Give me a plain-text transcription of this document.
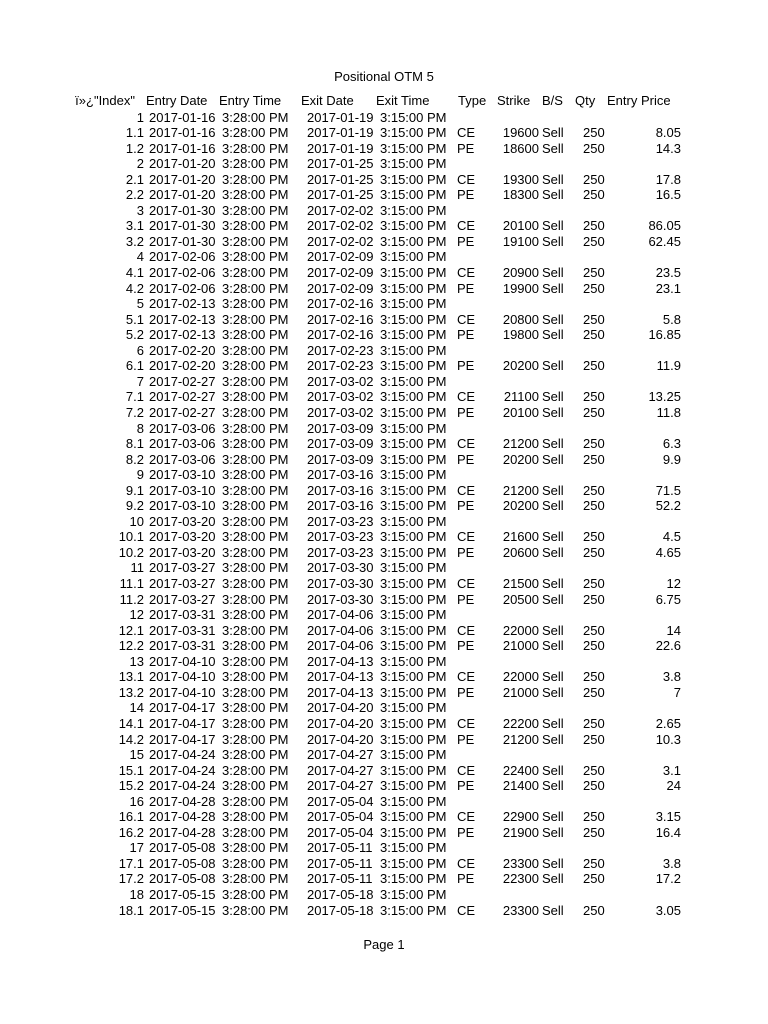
Positional OTM 5
ï»¿"Index" Entry Date Entry Time Exit Date Exit Time Type Strike B/S Qty Entry Price
1 2017-01-16 3:28:00 PM 2017-01-19 3:15:00 PM
1.1 2017-01-16 3:28:00 PM 2017-01-19 3:15:00 PM CE	19600 Sell 250	8.05
1.2 2017-01-16 3:28:00 PM 2017-01-19 3:15:00 PM PE	18600 Sell 250	14.3
2 2017-01-20 3:28:00 PM 2017-01-25 3:15:00 PM
2.1 2017-01-20 3:28:00 PM 2017-01-25 3:15:00 PM CE	19300 Sell 250	17.8
2.2 2017-01-20 3:28:00 PM 2017-01-25 3:15:00 PM PE	18300 Sell 250	16.5
3 2017-01-30 3:28:00 PM 2017-02-02 3:15:00 PM
3.1 2017-01-30 3:28:00 PM 2017-02-02 3:15:00 PM CE	20100 Sell 250	86.05
3.2 2017-01-30 3:28:00 PM 2017-02-02 3:15:00 PM PE	19100 Sell 250	62.45
4 2017-02-06 3:28:00 PM 2017-02-09 3:15:00 PM
4.1 2017-02-06 3:28:00 PM 2017-02-09 3:15:00 PM CE	20900 Sell 250	23.5
4.2 2017-02-06 3:28:00 PM 2017-02-09 3:15:00 PM PE	19900 Sell 250	23.1
5 2017-02-13 3:28:00 PM 2017-02-16 3:15:00 PM
5.1 2017-02-13 3:28:00 PM 2017-02-16 3:15:00 PM CE	20800 Sell 250	5.8
5.2 2017-02-13 3:28:00 PM 2017-02-16 3:15:00 PM PE	19800 Sell 250	16.85
6 2017-02-20 3:28:00 PM 2017-02-23 3:15:00 PM
6.1 2017-02-20 3:28:00 PM 2017-02-23 3:15:00 PM PE	20200 Sell 250	11.9
7 2017-02-27 3:28:00 PM 2017-03-02 3:15:00 PM
7.1 2017-02-27 3:28:00 PM 2017-03-02 3:15:00 PM CE	21100 Sell 250	13.25
7.2 2017-02-27 3:28:00 PM 2017-03-02 3:15:00 PM PE	20100 Sell 250	11.8
8 2017-03-06 3:28:00 PM 2017-03-09 3:15:00 PM
8.1 2017-03-06 3:28:00 PM 2017-03-09 3:15:00 PM CE	21200 Sell 250	6.3
8.2 2017-03-06 3:28:00 PM 2017-03-09 3:15:00 PM PE	20200 Sell 250	9.9
9 2017-03-10 3:28:00 PM 2017-03-16 3:15:00 PM
9.1 2017-03-10 3:28:00 PM 2017-03-16 3:15:00 PM CE	21200 Sell 250	71.5
9.2 2017-03-10 3:28:00 PM 2017-03-16 3:15:00 PM PE	20200 Sell 250	52.2
10 2017-03-20 3:28:00 PM 2017-03-23 3:15:00 PM
10.1 2017-03-20 3:28:00 PM 2017-03-23 3:15:00 PM CE	21600 Sell 250	4.5
10.2 2017-03-20 3:28:00 PM 2017-03-23 3:15:00 PM PE	20600 Sell 250	4.65
11 2017-03-27 3:28:00 PM 2017-03-30 3:15:00 PM
11.1 2017-03-27 3:28:00 PM 2017-03-30 3:15:00 PM CE	21500 Sell 250	12
11.2 2017-03-27 3:28:00 PM 2017-03-30 3:15:00 PM PE	20500 Sell 250	6.75
12 2017-03-31 3:28:00 PM 2017-04-06 3:15:00 PM
12.1 2017-03-31 3:28:00 PM 2017-04-06 3:15:00 PM CE	22000 Sell 250	14
12.2 2017-03-31 3:28:00 PM 2017-04-06 3:15:00 PM PE	21000 Sell 250	22.6
13 2017-04-10 3:28:00 PM 2017-04-13 3:15:00 PM
13.1 2017-04-10 3:28:00 PM 2017-04-13 3:15:00 PM CE	22000 Sell 250	3.8
13.2 2017-04-10 3:28:00 PM 2017-04-13 3:15:00 PM PE	21000 Sell 250	7
14 2017-04-17 3:28:00 PM 2017-04-20 3:15:00 PM
14.1 2017-04-17 3:28:00 PM 2017-04-20 3:15:00 PM CE	22200 Sell 250	2.65
14.2 2017-04-17 3:28:00 PM 2017-04-20 3:15:00 PM PE	21200 Sell 250	10.3
15 2017-04-24 3:28:00 PM 2017-04-27 3:15:00 PM
15.1 2017-04-24 3:28:00 PM 2017-04-27 3:15:00 PM CE	22400 Sell 250	3.1
15.2 2017-04-24 3:28:00 PM 2017-04-27 3:15:00 PM PE	21400 Sell 250	24
16 2017-04-28 3:28:00 PM 2017-05-04 3:15:00 PM
16.1 2017-04-28 3:28:00 PM 2017-05-04 3:15:00 PM CE	22900 Sell 250	3.15
16.2 2017-04-28 3:28:00 PM 2017-05-04 3:15:00 PM PE	21900 Sell 250	16.4
17 2017-05-08 3:28:00 PM 2017-05-11 3:15:00 PM
17.1 2017-05-08 3:28:00 PM 2017-05-11 3:15:00 PM CE	23300 Sell 250	3.8
17.2 2017-05-08 3:28:00 PM 2017-05-11 3:15:00 PM PE	22300 Sell 250	17.2
18 2017-05-15 3:28:00 PM 2017-05-18 3:15:00 PM
18.1 2017-05-15 3:28:00 PM 2017-05-18 3:15:00 PM CE	23300 Sell 250	3.05
Page 1
